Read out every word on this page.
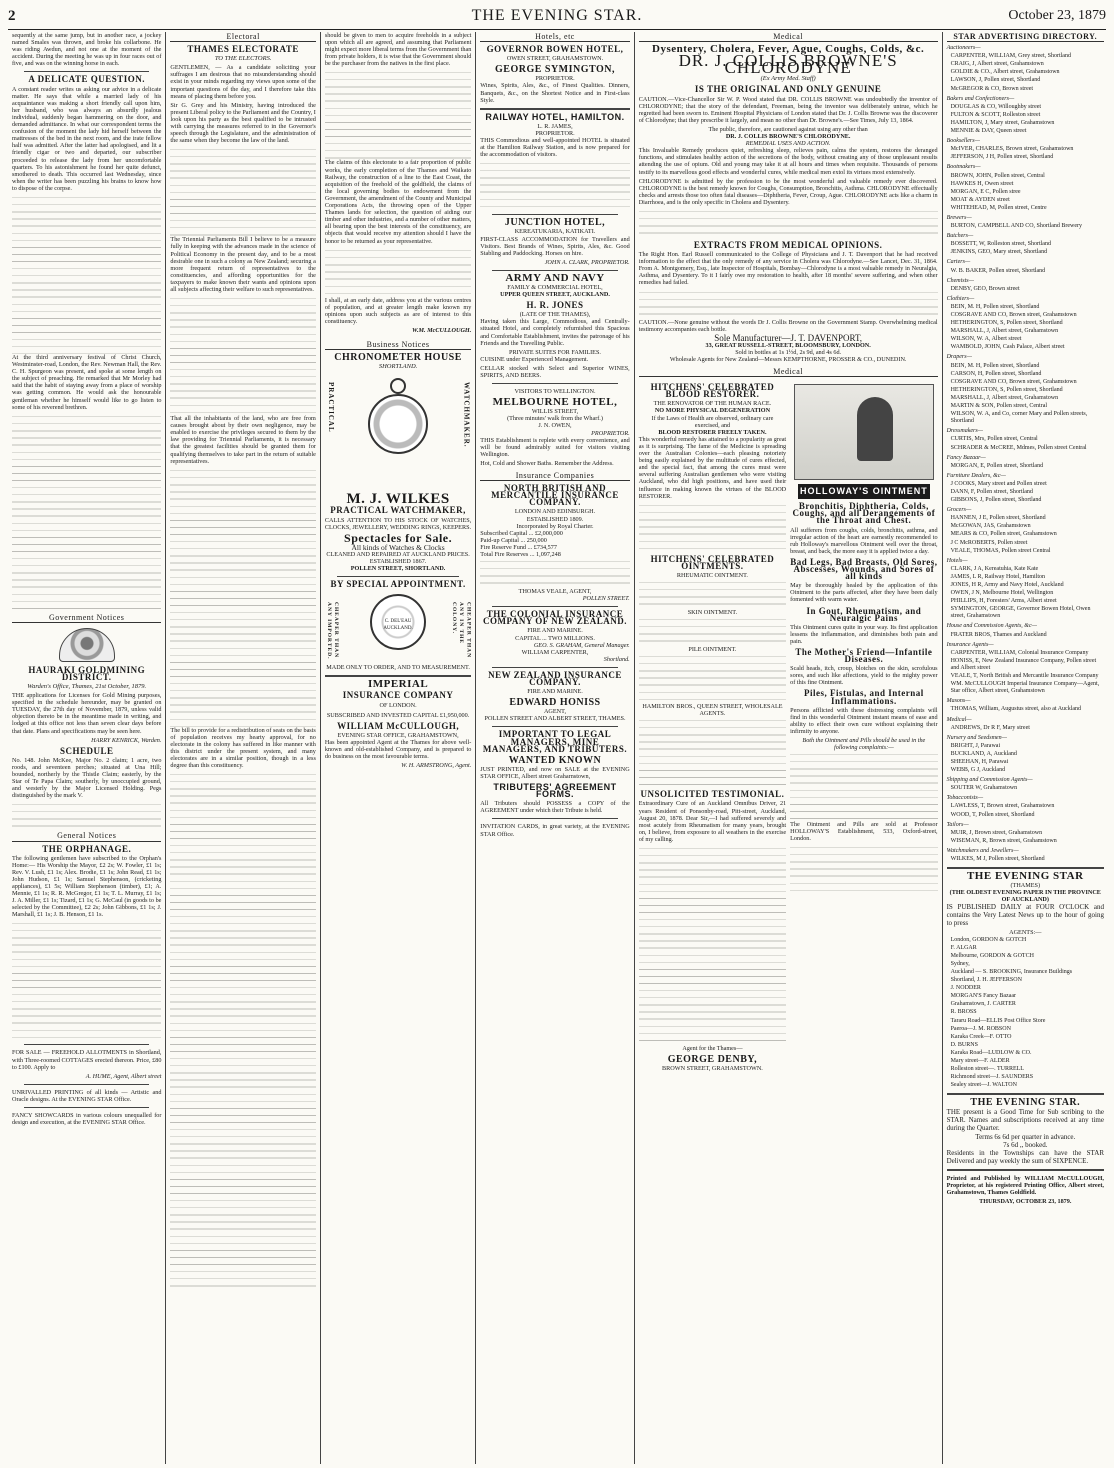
2	THE EVENING STAR.	October 23, 1879
sequently at the same jump, but in another race, a jockey named Smales was thrown, and broke his collarbone. He was riding Awdun, and not one at the moment of the accident. During the meeting he was up in four races out of five, and was on the winning horse in each.
A DELICATE QUESTION.
A constant reader writes us asking our advice in a delicate matter. He says that while a married lady of his acquaintance was making a short friendly call upon him, her husband, who was always an absurdly jealous individual, suddenly began hammering on the door, and demanded admittance. In what our correspondent terms the confusion of the moment the lady hid herself between the mattresses of the bed in the next room, and the irate fellow half was admitted. After the latter had apologised, and lit a friendly cigar or two and departed, our subscriber proceeded to release the lady from her uncomfortable quarters. To his astonishment he found her quite defunct, smothered to death. This occurred last Wednesday, since when the writer has been puzzling his brains to know how to dispose of the corpse.
At the third anniversary festival of Christ Church, Westminster-road, London, the Rev. Newman Hall, the Rev. C. H. Spurgeon was present, and spoke at some length on the subject of preaching. He remarked that Mr Morley had said that the habit of staying away from a place of worship was getting common. He would ask the honourable gentleman whether he himself would like to go listen to some of his reverend brethren.
Government Notices
HAURAKI GOLDMINING DISTRICT.
Warden's Office, Thames, 21st October, 1879.
THE applications for Licenses for Gold Mining purposes, specified in the schedule hereunder, may be granted on TUESDAY, the 27th day of November, 1879, unless valid objection thereto be in the meantime made in writing, and lodged at this office not less than seven clear days before that date. Plans and specifications may be seen here.
HARRY KENRICK, Warden.
SCHEDULE
No. 148. John McKee, Major No. 2 claim; 1 acre, two roods, and seventeen perches; situated at Una Hill; bounded, northerly by the Thistle Claim; easterly, by the Star of Te Papa Claim; southerly, by unoccupied ground, and westerly by the Major Licensed Holding. Pegs distinguished by the mark V.
General Notices
THE ORPHANAGE.
The following gentlemen have subscribed to the Orphan's Home:— His Worship the Mayor, £2 2s; W. Fowler, £1 1s; Rev. V. Lush, £1 1s; Alex. Brodie, £1 1s; John Read, £1 1s; John Hudson, £1 1s; Samuel Stephenson, (cricketing appliances), £1 5s; William Stephenson (timber), £1; A. Mennie, £1 1s; R. R. McGregor, £1 1s; T. L. Murray, £1 1s; J. A. Miller, £1 1s; Tizard, £1 1s; G. McCaul (in goods to be selected by the Committee), £2 2s; John Gibbons, £1 1s; J. Marshall, £1 1s; J. B. Henson, £1 1s.
FOR SALE — FREEHOLD ALLOTMENTS in Shortland, with Three-roomed COTTAGES erected thereon. Price, £80 to £100. Apply to
A. HUME, Agent, Albert street
UNRIVALLED PRINTING of all kinds — Artistic and Oracle designs. At the EVENING STAR Office.
FANCY SHOWCARDS in various colours unequalled for design and execution, at the EVENING STAR Office.
Electoral
THAMES ELECTORATE
TO THE ELECTORS.
GENTLEMEN, — As a candidate soliciting your suffrages I am desirous that no misunderstanding should exist in your minds regarding my views upon some of the important questions of the day, and I therefore take this means of placing them before you.
Sir G. Grey and his Ministry, having introduced the present Liberal policy to the Parliament and the Country, I look upon his party as the best qualified to be intrusted with carrying the measures referred to in the Governor's speech through the Legislature, and the administration of the same when they become the law of the land.
The Triennial Parliaments Bill I believe to be a measure fully in keeping with the advances made in the science of Political Economy in the present day, and to be a most desirable one in such a colony as New Zealand; securing a more frequent return of representatives to the constituencies, and affording opportunities for the taxpayers to make known their wants and opinions upon all subjects affecting their welfare to such representatives.
That all the inhabitants of the land, who are free from causes brought about by their own negligence, may be enabled to exercise the privileges secured to them by the law providing for Triennial Parliaments, it is necessary that the greatest facilities should be granted them for qualifying themselves to take part in the return of suitable representatives.
The bill to provide for a redistribution of seats on the basis of population receives my hearty approval, for no electorate in the colony has suffered in like manner with this district under the present system, and many electorates are in a similar position, though in a less degree than this constituency.
should be given to men to acquire freeholds in a subject upon which all are agreed, and assuming that Parliament might expect more liberal terms from the Government than from private holders, it is wise that the Government should be the purchaser from the natives in the first place.
The claims of this electorate to a fair proportion of public works, the early completion of the Thames and Waikato Railway, the construction of a line to the East Coast, the acquisition of the freehold of the goldfield, the claims of the local governing bodies to endowment from the Government, the amendment of the County and Municipal Corporations Acts, the throwing open of the Upper Thames lands for selection, the question of aiding our timber and other industries, and a number of other matters, all bearing upon the best interests of the constituency, are objects that would receive my attention should I have the honor to be returned as your representative.
I shall, at an early date, address you at the various centres of population, and at greater length make known my opinions upon such subjects as are of interest to this constituency.
W.M. McCULLOUGH.
Business Notices
CHRONOMETER HOUSE
SHORTLAND.
PRACTICAL	WATCHMAKER.
M. J. WILKES
PRACTICAL WATCHMAKER,
CALLS ATTENTION TO HIS STOCK OF WATCHES, CLOCKS, JEWELLERY, WEDDING RINGS, KEEPERS.
Spectacles for Sale.
All kinds of Watches & Clocks
CLEANED AND REPAIRED AT AUCKLAND PRICES.
ESTABLISHED 1867.
POLLEN STREET, SHORTLAND.
BY SPECIAL APPOINTMENT.
CHEAPER THAN ANY IMPORTED.	C. DEL'EAU AUCKLAND.	CHEAPER THAN ANY IN THE COLONY.
MADE ONLY TO ORDER, AND TO MEASUREMENT.
IMPERIAL
INSURANCE COMPANY
OF LONDON.
SUBSCRIBED AND INVESTED CAPITAL £1,950,000.
WILLIAM McCULLOUGH,
EVENING STAR OFFICE, GRAHAMSTOWN,
Has been appointed Agent at the Thames for above well-known and old-established Company, and is prepared to do business on the most favourable terms.
W. H. ARMSTRONG, Agent.
Hotels, etc
GOVERNOR BOWEN HOTEL,
OWEN STREET, GRAHAMSTOWN.
GEORGE SYMINGTON,
PROPRIETOR.
Wines, Spirits, Ales, &c., of Finest Qualities. Dinners, Banquets, &c., on the Shortest Notice and in First-class Style.
RAILWAY HOTEL, HAMILTON.
L. R. JAMES,
PROPRIETOR.
THIS Commodious and well-appointed HOTEL is situated at the Hamilton Railway Station, and is now prepared for the accommodation of visitors.
JUNCTION HOTEL,
KEREATUKARIA, KATIKATI.
FIRST-CLASS ACCOMMODATION for Travellers and Visitors. Best Brands of Wines, Spirits, Ales, &c. Good Stabling and Paddocking. Horses on hire.
JOHN A. CLARK, PROPRIETOR.
ARMY AND NAVY
FAMILY & COMMERCIAL HOTEL,
UPPER QUEEN STREET, AUCKLAND.
H. R. JONES
(LATE OF THE THAMES),
Having taken this Large, Commodious, and Centrally-situated Hotel, and completely refurnished this Spacious and Comfortable Establishment, invites the patronage of his Friends and the Travelling Public.
PRIVATE SUITES FOR FAMILIES.
CUISINE under Experienced Management.
CELLAR stocked with Select and Superior WINES, SPIRITS, AND BEERS.
VISITORS TO WELLINGTON.
MELBOURNE HOTEL,
WILLIS STREET,
(Three minutes' walk from the Wharf.)
J. N. OWEN,
PROPRIETOR.
THIS Establishment is replete with every convenience, and will be found admirably suited for visitors visiting Wellington.
Hot, Cold and Shower Baths. Remember the Address.
Insurance Companies
NORTH BRITISH AND MERCANTILE INSURANCE COMPANY.
LONDON AND EDINBURGH.
ESTABLISHED 1809.
Incorporated by Royal Charter.
Subscribed Capital ... £2,000,000
Paid-up Capital ... 250,000
Fire Reserve Fund ... £734,577
Total Fire Reserves ... 1,097,248
THOMAS VEALE, AGENT,
POLLEN STREET.
THE COLONIAL INSURANCE COMPANY OF NEW ZEALAND.
FIRE AND MARINE.
CAPITAL ... TWO MILLIONS.
GEO. S. GRAHAM, General Manager.
WILLIAM CARPENTER,
Shortland.
NEW ZEALAND INSURANCE COMPANY.
FIRE AND MARINE.
EDWARD HONISS
AGENT,
POLLEN STREET AND ALBERT STREET, THAMES.
IMPORTANT TO LEGAL MANAGERS, MINE MANAGERS, AND TRIBUTERS.
WANTED KNOWN
JUST PRINTED, and now on SALE at the EVENING STAR OFFICE, Albert street Graharnstown,
TRIBUTERS' AGREEMENT FORMS.
All Tributers should POSSESS a COPY of the AGREEMENT under which their Tribute is held.
INVITATION CARDS, in great variety, at the EVENING STAR Office.
Medical
Dysentery, Cholera, Fever, Ague, Coughs, Colds, &c.
DR. J. COLLIS BROWNE'S CHLORODYNE
(Ex Army Med. Staff)
IS THE ORIGINAL AND ONLY GENUINE
CAUTION.—Vice-Chancellor Sir W. P. Wood stated that DR. COLLIS BROWNE was undoubtedly the inventor of CHLORODYNE; that the story of the defendant, Freeman, being the inventor was deliberately untrue, which he regretted had been sworn to. Eminent Hospital Physicians of London stated that Dr. J. Collis Browne was the discoverer of Chlorodyne; that they prescribe it largely, and mean no other than Dr. Browne's.—See Times, July 13, 1864.
The public, therefore, are cautioned against using any other than
DR. J. COLLIS BROWNE'S CHLORODYNE.
REMEDIAL USES AND ACTION.
This Invaluable Remedy produces quiet, refreshing sleep, relieves pain, calms the system, restores the deranged functions, and stimulates healthy action of the secretions of the body, without creating any of those unpleasant results attending the use of opium. Old and young may take it at all hours and times when requisite. Thousands of persons testify to its marvellous good effects and wonderful cures, while medical men extol its virtues most extensively.
CHLORODYNE is admitted by the profession to be the most wonderful and valuable remedy ever discovered. CHLORODYNE is the best remedy known for Coughs, Consumption, Bronchitis, Asthma. CHLORODYNE effectually checks and arrests those too often fatal diseases—Diphtheria, Fever, Croup, Ague. CHLORODYNE acts like a charm in Diarrhoea, and is the only specific in Cholera and Dysentery.
EXTRACTS FROM MEDICAL OPINIONS.
The Right Hon. Earl Russell communicated to the College of Physicians and J. T. Davenport that he had received information to the effect that the only remedy of any service in Cholera was Chlorodyne.—See Lancet, Dec. 31, 1864. From A. Montgomery, Esq., late Inspector of Hospitals, Bombay—Chlorodyne is a most valuable remedy in Neuralgia, Asthma, and Dysentery. To it I fairly owe my restoration to health, after 18 months' severe suffering, and when other remedies had failed.
CAUTION.—None genuine without the words Dr J. Collis Browne on the Government Stamp. Overwhelming medical testimony accompanies each bottle.
Sole Manufacturer—J. T. DAVENPORT,
33, GREAT RUSSELL-STREET, BLOOMSBURY, LONDON.
Sold in bottles at 1s 1½d, 2s 9d, and 4s 6d.
Wholesale Agents for New Zealand—Messrs KEMPTHORNE, PROSSER & CO., DUNEDIN.
Medical
HITCHENS' CELEBRATED BLOOD RESTORER.
THE RENOVATOR OF THE HUMAN RACE.
NO MORE PHYSICAL DEGENERATION
If the Laws of Health are observed, ordinary care exercised, and
BLOOD RESTORER FREELY TAKEN.
This wonderful remedy has attained to a popularity as great as it is surprising. The fame of the Medicine is spreading over the Australian Colonies—each pleasing notoriety being easily explained by the multitude of cures effected, and the special fact, that among the cures must were several suffering Australian gentlemen who were visiting Auckland, who did high positions, and have used their influence in making known the virtues of the BLOOD RESTORER.
HITCHENS' CELEBRATED OINTMENTS.
RHEUMATIC OINTMENT.
SKIN OINTMENT.
PILE OINTMENT.
HAMILTON BROS., QUEEN STREET, WHOLESALE AGENTS.
UNSOLICITED TESTIMONIAL.
Extraordinary Cure of an Auckland Omnibus Driver, 21 years Resident of Ponsonby-road, Pitt-street, Auckland, August 20, 1878. Dear Sir,—I had suffered severely and most acutely from Rheumatism for many years, brought on, I believe, from exposure to all weathers in the exercise of my calling.
Agent for the Thames—
GEORGE DENBY,
BROWN STREET, GRAHAMSTOWN.
HOLLOWAY'S OINTMENT
Bronchitis, Diphtheria, Colds, Coughs, and all Derangements of the Throat and Chest.
All sufferers from coughs, colds, bronchitis, asthma, and irregular action of the heart are earnestly recommended to rub Holloway's marvellous Ointment well over the throat, breast, and back, the more easy it is applied twice a day.
Bad Legs, Bad Breasts, Old Sores, Abscesses, Wounds, and Sores of all kinds
May be thoroughly healed by the application of this Ointment to the parts affected, after they have been daily fomented with warm water.
In Gout, Rheumatism, and Neuralgic Pains
This Ointment cures quite in your way. Its first application lessens the inflammation, and diminishes both pain and pain.
The Mother's Friend—Infantile Diseases.
Scald heads, itch, croup, blotches on the skin, scrofulous sores, and such like affections, yield to the mighty power of this fine Ointment.
Piles, Fistulas, and Internal Inflammations.
Persons afflicted with these distressing complaints will find in this wonderful Ointment instant means of ease and ability to effect their own cure without explaining their infirmity to anyone.
Both the Ointment and Pills should be used in the following complaints:—
The Ointment and Pills are sold at Professor HOLLOWAY'S Establishment, 533, Oxford-street, London.
STAR ADVERTISING DIRECTORY.
Auctioneers—
CARPENTER, WILLIAM, Grey street, Shortland
CRAIG, J, Albert street, Grahamstown
GOLDIE & CO., Albert street, Grahamstown
LAWSON, J, Pollen street, Shortland
McGREGOR & CO, Brown street
Bakers and Confectioners—
DOUGLAS & CO, Willoughby street
FULTON & SCOTT, Rolleston street
HAMILTON, J, Mary street, Grahamstown
MENNIE & DAY, Queen street
Booksellers—
McIVER, CHARLES, Brown street, Grahamstown
JEFFERSON, J H, Pollen street, Shortland
Bootmakers—
BROWN, JOHN, Pollen street, Central
HAWKES H, Owen street
MORGAN, E C, Pollen stree
MOAT & AYDEN street
WHITEHEAD, M, Pollen street, Centre
Brewers—
BURTON, CAMPBELL AND CO, Shortland Brewery
Butchers—
BOSSETT, W, Rolleston street, Shortland
JENKINS, GEO, Mary street, Shortland
Carters—
W. B. BAKER, Pollen street, Shortland
Chemists—
DENBY, GEO, Brown street
Clothiers—
BEIN, M. H, Pollen street, Shortland
COSGRAVE AND CO, Brown street, Grahamstown
HETHERINGTON, S, Pollen street, Shortland
MARSHALL, J, Albert street, Grahamstown
WILSON, W. A, Albert street
WAMBOLD, JOHN, Cash Palace, Albert street
Drapers—
BEIN, M. H, Pollen street, Shortland
CARSON, H, Pollen street, Shortland
COSGRAVE AND CO, Brown street, Grahamstown
HETHERINGTON, S, Pollen street, Shortland
MARSHALL, J, Albert street, Grahamstown
MARTIN & SON, Pollen street, Central
WILSON, W. A, and Co, corner Mary and Pollen streets, Shortland
Dressmakers—
CURTIS, Mrs, Pollen street, Central
SCHRADER & McCREE, Mdmes, Pollen street Central
Fancy Bazaar—
MORGAN, E, Pollen street, Shortland
Furniture Dealers, &c—
J COOKS, Mary street and Pollen street
DANN, F, Pollen street, Shortland
GIBBONS, J, Pollen street, Shortland
Grocers—
HANNEN, J E, Pollen street, Shortland
McGOWAN, JAS, Grahamstown
MEARS & CO, Pollen street, Grahamstown
J C McROBERTS, Pollen street
VEALE, THOMAS, Pollen street Central
Hotels—
CLARK, J A, Kereatuhia, Kate Kate
JAMES, L R, Railway Hotel, Hamilton
JONES, H R, Army and Navy Hotel, Auckland
OWEN, J N, Melbourne Hotel, Wellington
PHILLIPS, H, Foresters' Arms, Albert street
SYMINGTON, GEORGE, Governor Bowen Hotel, Owen street, Grahamstown
House and Commission Agents, &c—
FRATER BROS, Thames and Auckland
Insurance Agents—
CARPENTER, WILLIAM, Colonial Insurance Company
HONISS, E, New Zealand Insurance Company, Pollen street and Albert street
VEALE, T, North British and Mercantile Insurance Company
WM. McCULLOUGH Imperial Insurance Company—Agent, Star office, Albert street, Grahamstown
Masons—
THOMAS, William, Augustus street, also at Auckland
Medical—
ANDREWS, Dr R F, Mary street
Nursery and Seedsmen—
BRIGHT, J, Parawai
BUCKLAND, A, Auckland
SHEEHAN, H, Parawai
WEBB, G J, Auckland
Shipping and Commission Agents—
SOUTER W, Grahamstown
Tobacconists—
LAWLESS, T, Brown street, Grahamstown
WOOD, T, Pollen street, Shortland
Tailors—
MUIR, J, Brown street, Grahamstown
WISEMAN, R, Brown street, Grahamstown
Watchmakers and Jewellers—
WILKES, M J, Pollen street, Shortland
THE EVENING STAR
(THAMES)
(THE OLDEST EVENING PAPER IN THE PROVINCE OF AUCKLAND)
IS PUBLISHED DAILY at FOUR O'CLOCK and contains the Very Latest News up to the hour of going to press
AGENTS:—
London, GORDON & GOTCH
F. ALGAR
Melbourne, GORDON & GOTCH
Sydney,
Auckland — S. BROOKING, Insurance Buildings
Shortland, J. H. JEFFERSON
J. NODDER
MORGAN'S Fancy Bazaar
Grahamstown, J. CARTER
R. BROSS
Tararu Road—ELLIS Post Office Store
Paeroa—J. M. ROBSON
Karaka Creek—F. OTTO
D. BURNS
Karaka Road—LUDLOW & CO.
Mary street—F. ALDER
Rolleston street—. TURRELL
Richmond street—J. SAUNDERS
Sealey street—J. WALTON
THE EVENING STAR.
THE present is a Good Time for Sub scribing to the STAR. Names and subscriptions received at any time during the Quarter.
Terms 6s 6d per quarter in advance.
7s 6d ,, booked.
Residents in the Townships can have the STAR Delivered and pay weekly the sum of SIXPENCE.
Printed and Published by WILLIAM McCULLOUGH, Proprietor, at his registered Printing Office, Albert street, Grahamstown, Thames Goldfield.
THURSDAY, OCTOBER 23, 1879.
